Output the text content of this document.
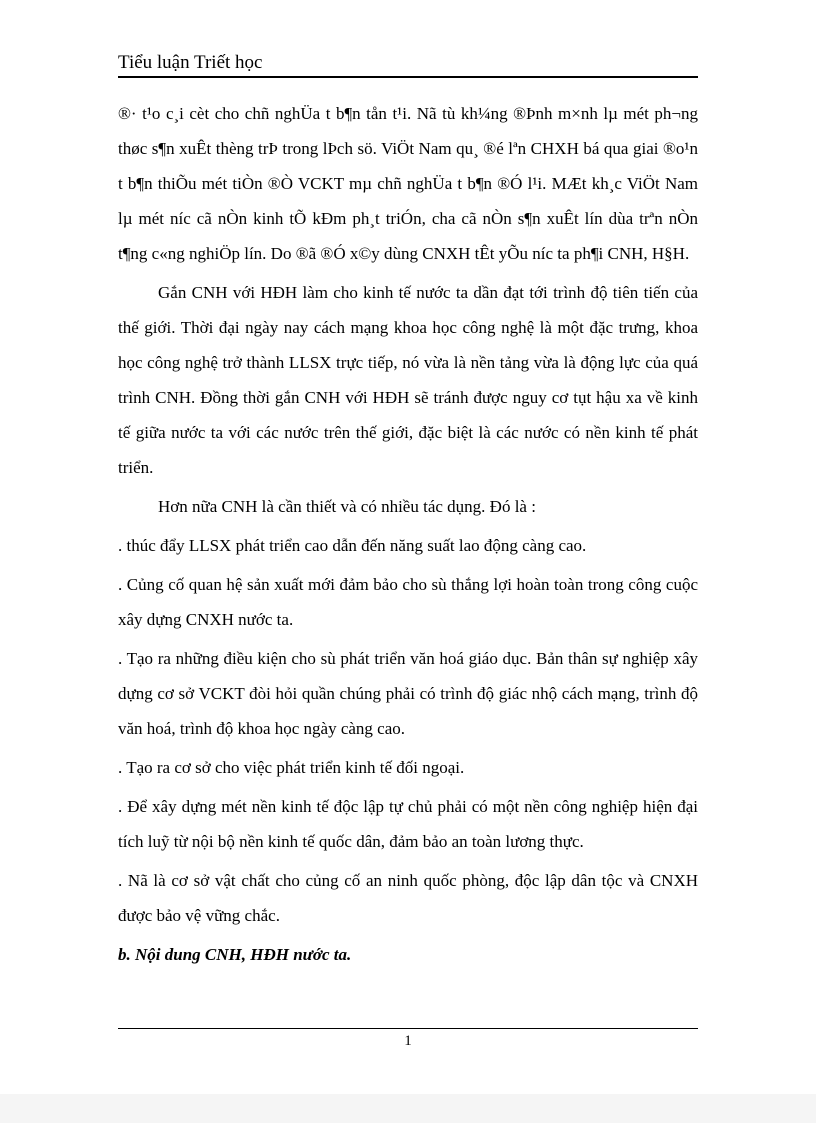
Tiểu luận Triết học

®· t¹o c¸i cèt cho chñ nghÜa t b¶n tån t¹i. Nã tù kh¼ng ®Þnh m×nh lµ mét ph¬ng thøc s¶n xuÊt thèng trÞ trong lÞch sö. ViÖt Nam qu¸ ®é lªn CHXH bá qua giai ®o¹n t b¶n thiÕu mét tiÒn ®Ò VCKT mµ chñ nghÜa t b¶n ®Ó l¹i. MÆt kh¸c ViÖt Nam lµ mét níc cã nÒn kinh tÕ kÐm ph¸t triÓn, cha cã nÒn s¶n xuÊt lín dùa trªn nÒn t¶ng c«ng nghiÖp lín. Do ®ã ®Ó x©y dùng CNXH tÊt yÕu níc ta ph¶i CNH, H§H.

Gắn CNH với HĐH làm cho kinh tế nước ta dần đạt tới trình độ tiên tiến của thế giới. Thời đại ngày nay cách mạng khoa học công nghệ là một đặc trưng, khoa học công nghệ trở thành LLSX trực tiếp, nó vừa là nền tảng vừa là động lực của quá trình CNH. Đồng thời gắn CNH với HĐH sẽ tránh được nguy cơ tụt hậu xa về kinh tế giữa nước ta với các nước trên thế giới, đặc biệt là các nước có nền kinh tế phát triển.

Hơn nữa CNH là cần thiết và có nhiều tác dụng. Đó là :

. thúc đẩy LLSX phát triển cao dẫn đến năng suất lao động càng cao.

. Củng cố quan hệ sản xuất mới đảm bảo cho sù thắng lợi hoàn toàn trong công cuộc xây dựng CNXH nước ta.

. Tạo ra những điều kiện cho sù phát triển văn hoá giáo dục. Bản thân sự nghiệp xây dựng cơ sở VCKT đòi hỏi quần chúng phải có trình độ giác nhộ cách mạng, trình độ văn hoá, trình độ khoa học ngày càng cao.

. Tạo ra cơ sở cho việc phát triển kinh tế đối ngoại.

. Để xây dựng mét nền kinh tế độc lập tự chủ phải có một nền công nghiệp hiện đại tích luỹ từ nội bộ nền kinh tế quốc dân, đảm bảo an toàn lương thực.

. Nã là cơ sở vật chất cho củng cố an ninh quốc phòng, độc lập dân tộc và CNXH được bảo vệ vững chắc.

b. Nội dung CNH, HĐH nước ta.

1
